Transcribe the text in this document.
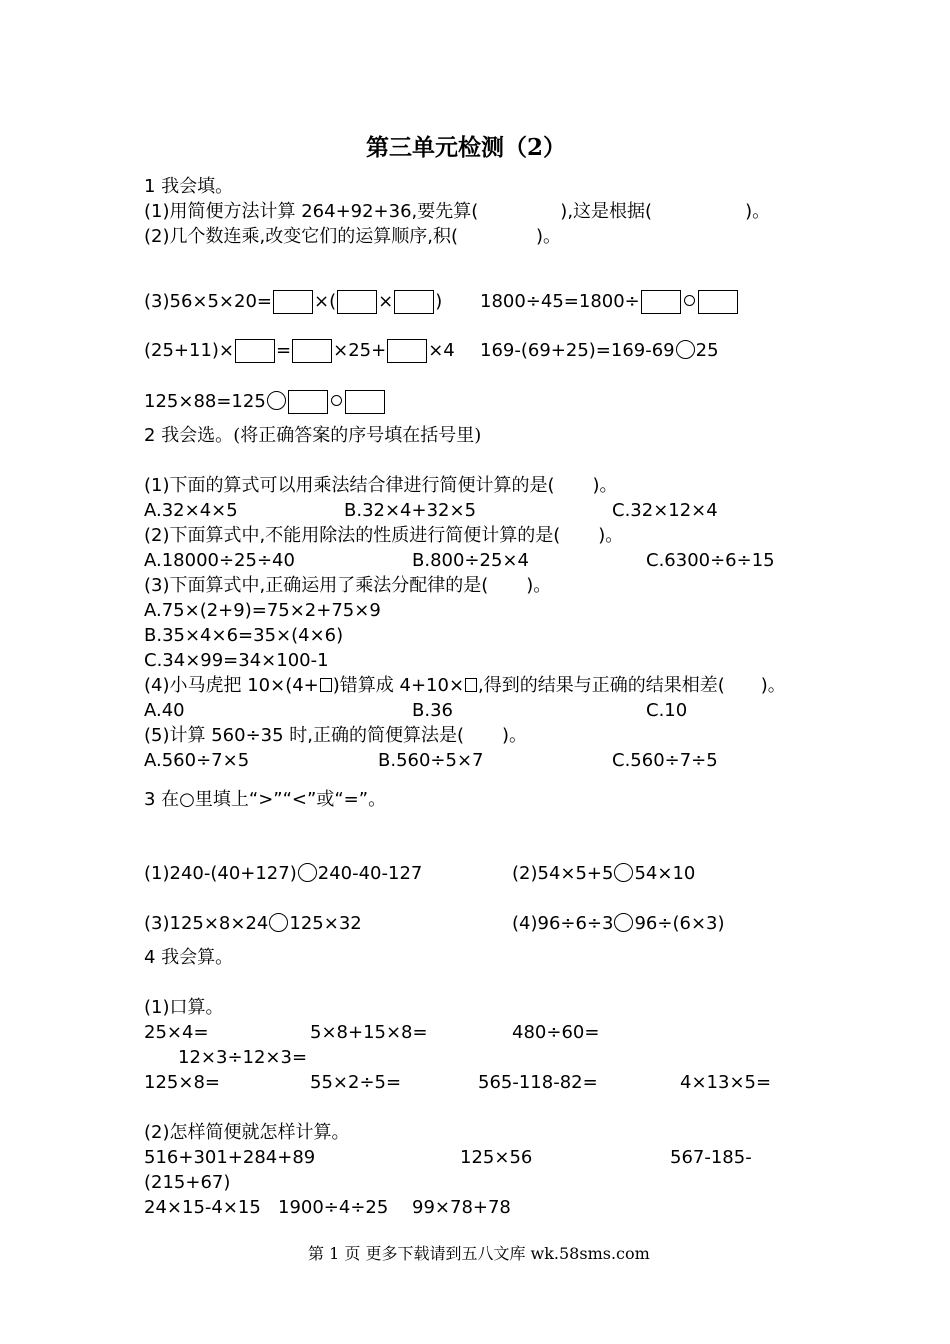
第三单元检测（2）
1 我会填。
(1)用简便方法计算 264+92+36,要先算(	),这是根据(	)。
(2)几个数连乘,改变它们的运算顺序,积(	)。
(3)56×5×20= ×( × ) 1800÷45=1800÷
(25+11)× = ×25+ ×4 169-(69+25)=169-69 25
125×88=125
2 我会选。(将正确答案的序号填在括号里)
(1)下面的算式可以用乘法结合律进行简便计算的是( )。
A.32×4×5	B.32×4+32×5	C.32×12×4
(2)下面算式中,不能用除法的性质进行简便计算的是( )。
A.18000÷25÷40	B.800÷25×4	C.6300÷6÷15
(3)下面算式中,正确运用了乘法分配律的是( )。
A.75×(2+9)=75×2+75×9
B.35×4×6=35×(4×6)
C.34×99=34×100-1
(4)小马虎把 10×(4+ )错算成 4+10× ,得到的结果与正确的结果相差( )。
A.40	B.36	C.10
(5)计算 560÷35 时,正确的简便算法是( )。
A.560÷7×5	B.560÷5×7	C.560÷7÷5
3 在○里填上“>”“<”或“=”。
(1)240-(40+127) 240-40-127	(2)54×5+5 54×10
(3)125×8×24 125×32	(4)96÷6÷3 96÷(6×3)
4 我会算。
(1)口算。
25×4=	5×8+15×8=	480÷60=
12×3÷12×3=
125×8=	55×2÷5=	565-118-82=	4×13×5=
(2)怎样简便就怎样计算。
516+301+284+89	125×56	567-185-
(215+67)
24×15-4×15 1900÷4÷25 99×78+78
第 1 页 更多下载请到五八文库 wk.58sms.com
